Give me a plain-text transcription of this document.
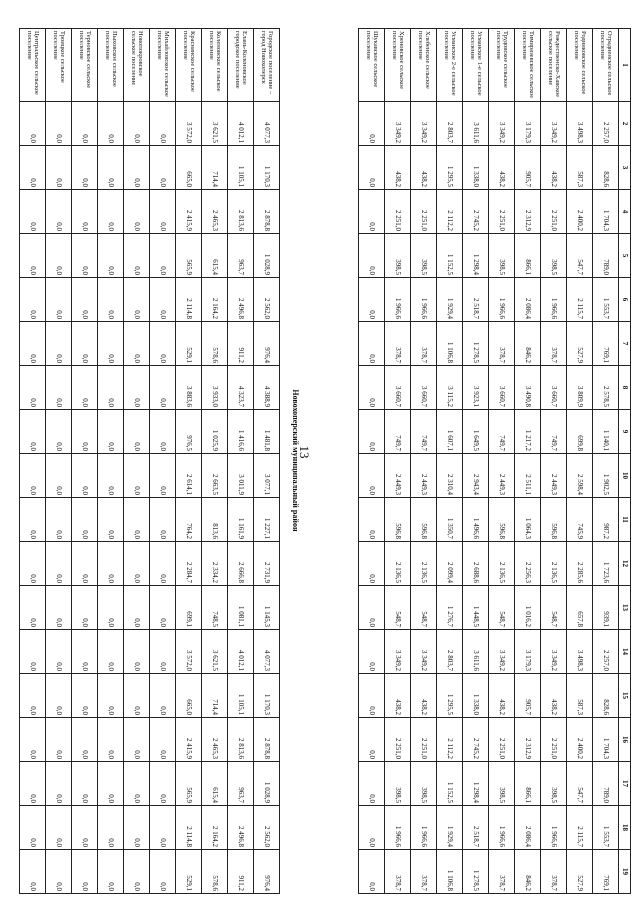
13
1	2	3	4	5	6	7	8	9	10	11	12	13	14	15	16	17	18	19
Отрадненское сельское поселение	2 257,0	828,6	1 704,3	789,0	1 553,7	769,1	2 578,5	1 140,1	1 902,5	987,2	1 723,6	939,1	2 257,0	828,6	1 704,3	789,0	1 553,7	769,1
Родниковское сельское поселение	3 498,3	587,3	2 400,2	547,7	2 115,7	527,9	3 809,9	699,8	2 598,4	745,9	2 285,6	657,8	3 498,3	587,3	2 400,2	547,7	2 115,7	527,9
Рождественско-Хавское сельское поселение	3 349,2	438,2	2 251,0	398,5	1 966,6	378,7	3 660,7	749,7	2 449,3	596,8	2 136,5	548,7	3 349,2	438,2	2 251,0	398,5	1 966,6	378,7
Тимирязевское сельское поселение	3 179,3	905,7	2 312,9	866,1	2 086,4	846,2	3 490,8	1 217,2	2 511,1	1 064,3	2 256,3	1 016,2	3 179,3	905,7	2 312,9	866,1	2 086,4	846,2
Трудовское сельское поселение	3 349,2	438,2	2 251,0	398,5	1 966,6	378,7	3 660,7	749,7	2 449,3	596,8	2 136,5	548,7	3 349,2	438,2	2 251,0	398,5	1 966,6	378,7
Усманское 1-е сельское поселение	3 611,6	1 338,0	2 745,2	1 298,4	2 518,7	1 278,5	3 923,1	1 649,5	2 943,4	1 496,6	2 688,6	1 448,5	3 611,6	1 338,0	2 745,2	1 298,4	2 518,7	1 278,5
Усманское 2-е сельское поселение	2 803,7	1 295,5	2 112,2	1 152,5	1 929,4	1 106,8	3 115,2	1 607,1	2 310,4	1 350,7	2 099,4	1 276,7	2 803,7	1 295,5	2 112,2	1 152,5	1 929,4	1 106,8
Хлебенское сельское поселение	3 349,2	438,2	2 251,0	398,5	1 966,6	378,7	3 660,7	749,7	2 449,3	596,8	2 136,5	548,7	3 349,2	438,2	2 251,0	398,5	1 966,6	378,7
Хреновское сельское поселение	3 349,2	438,2	2 251,0	398,5	1 966,6	378,7	3 660,7	749,7	2 449,3	596,8	2 136,5	548,7	3 349,2	438,2	2 251,0	398,5	1 966,6	378,7
Шукавское сельское поселение	0,0	0,0	0,0	0,0	0,0	0,0	0,0	0,0	0,0	0,0	0,0	0,0	0,0	0,0	0,0	0,0	0,0	0,0
Новохоперский муниципальный район
Городское поселение – город Новохоперск	4 077,3	1 170,3	2 878,8	1 028,9	2 562,0	976,4	4 388,9	1 481,8	3 077,1	1 227,1	2 731,9	1 145,3	4 077,3	1 170,3	2 878,8	1 028,9	2 562,0	976,4
Елань-Коленовское городское поселение	4 012,1	1 105,1	2 813,6	963,7	2 496,8	911,2	4 323,7	1 416,6	3 011,9	1 161,9	2 666,8	1 081,1	4 012,1	1 105,1	2 813,6	963,7	2 496,8	911,2
Коленовское сельское поселение	3 621,5	714,4	2 465,3	615,4	2 164,2	578,6	3 933,0	1 025,9	2 663,5	813,6	2 334,2	748,5	3 621,5	714,4	2 465,3	615,4	2 164,2	578,6
Краснянское сельское поселение	3 572,0	665,0	2 415,9	565,9	2 114,8	529,1	3 883,6	976,5	2 614,1	764,2	2 284,7	699,1	3 572,0	665,0	2 415,9	565,9	2 114,8	529,1
Михайловское сельское поселение	0,0	0,0	0,0	0,0	0,0	0,0	0,0	0,0	0,0	0,0	0,0	0,0	0,0	0,0	0,0	0,0	0,0	0,0
Новопокровское сельское поселение	0,0	0,0	0,0	0,0	0,0	0,0	0,0	0,0	0,0	0,0	0,0	0,0	0,0	0,0	0,0	0,0	0,0	0,0
Пыховское сельское поселение	0,0	0,0	0,0	0,0	0,0	0,0	0,0	0,0	0,0	0,0	0,0	0,0	0,0	0,0	0,0	0,0	0,0	0,0
Терновское сельское поселение	0,0	0,0	0,0	0,0	0,0	0,0	0,0	0,0	0,0	0,0	0,0	0,0	0,0	0,0	0,0	0,0	0,0	0,0
Троицкое сельское поселение	0,0	0,0	0,0	0,0	0,0	0,0	0,0	0,0	0,0	0,0	0,0	0,0	0,0	0,0	0,0	0,0	0,0	0,0
Центральское сельское поселение	0,0	0,0	0,0	0,0	0,0	0,0	0,0	0,0	0,0	0,0	0,0	0,0	0,0	0,0	0,0	0,0	0,0	0,0
